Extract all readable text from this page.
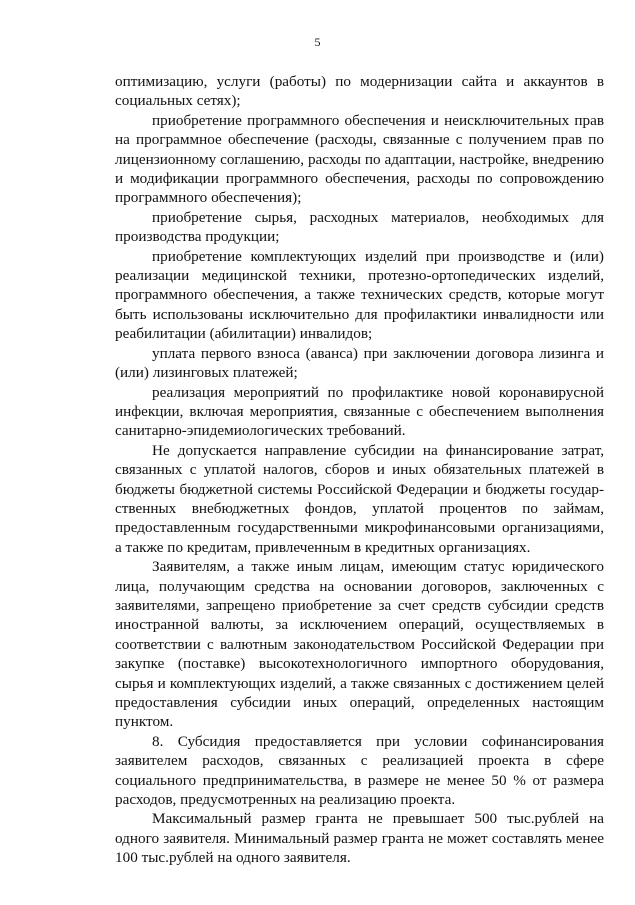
5

оптимизацию, услуги (работы) по модернизации сайта и аккаунтов в социальных сетях);

приобретение программного обеспечения и неисключительных прав на программное обеспечение (расходы, связанные с получением прав по лицензионному соглашению, расходы по адаптации, настройке, внедрению и модификации программного обеспечения, расходы по сопровождению программного обеспечения);

приобретение сырья, расходных материалов, необходимых для производства продукции;

приобретение комплектующих изделий при производстве и (или) реализации медицинской техники, протезно-ортопедических изделий, программного обеспечения, а также технических средств, которые могут быть использованы исключительно для профилактики инвалидности или реабилитации (абилитации) инвалидов;

уплата первого взноса (аванса) при заключении договора лизинга и (или) лизинговых платежей;

реализация мероприятий по профилактике новой коронавирусной инфекции, включая мероприятия, связанные с обеспечением выполнения санитарно-эпидемиологических требований.

Не допускается направление субсидии на финансирование затрат, связанных с уплатой налогов, сборов и иных обязательных платежей в бюджеты бюджетной системы Российской Федерации и бюджеты государственных внебюджетных фондов, уплатой процентов по займам, предоставленным государственными микрофинансовыми организациями, а также по кредитам, привлеченным в кредитных организациях.

Заявителям, а также иным лицам, имеющим статус юридического лица, получающим средства на основании договоров, заключенных с заявителями, запрещено приобретение за счет средств субсидии средств иностранной валюты, за исключением операций, осуществляемых в соответствии с валютным законодательством Российской Федерации при закупке (поставке) высокотехнологичного импортного оборудования, сырья и комплектующих изделий, а также связанных с достижением целей предоставления субсидии иных операций, определенных настоящим пунктом.

8. Субсидия предоставляется при условии софинансирования заявителем расходов, связанных с реализацией проекта в сфере социального предпринимательства, в размере не менее 50 % от размера расходов, предусмотренных на реализацию проекта.

Максимальный размер гранта не превышает 500 тыс.рублей на одного заявителя. Минимальный размер гранта не может составлять менее 100 тыс.рублей на одного заявителя.
